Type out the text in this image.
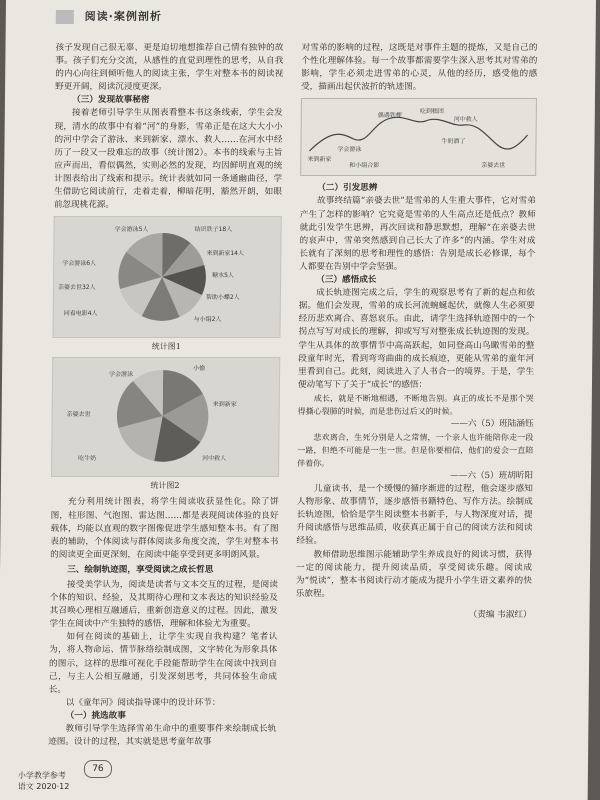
阅读·案例剖析

孩子发现自己很无辜、更是迫切地想推荐自己情有独钟的故事。孩子们充分交流，从感性的直觉到理性的思考，从自我的内心向往到倾听他人的阅读主张，学生对整本书的阅读视野更开阔，阅读沉浸度更深。

（三）发现故事秘密

接着老师引导学生从图表看整本书这条线索，学生会发现，清水的故事中有着“河”的身影，雪弟正是在这大大小小的河中学会了游泳、来到新家、漂水、救人……在河水中经历了一段又一段难忘的故事（统计图2）。本书的线索与主旨应声而出，看似偶然，实则必然的发现，均因鲜明直观的统计图表给出了线索和提示。统计表就如同一条通幽曲径，学生借助它阅读前行，走着走着，柳暗花明，豁然开朗，如眼前忽现桃花源。

学会游泳5人	结识铁子18人
来到新家14人
糖水5人
帮助小蝶2人
与小绢2人
学会游泳6人
同看电影4人
亲婆去世32人
统计图1
学会游泳
小偷
来到新家
河中救人
亲婆去世
吃牛奶
统计图2

充分利用统计图表，将学生阅读收获显性化。除了饼图，柱形图、气泡图、雷达图……都是表现阅读体验的良好载体，均能以直观的数字图像促进学生感知整本书。有了图表的辅助，个体阅读与群体阅读多角度交流，学生对整本书的阅读更全面更深刻，在阅读中能享受到更多明朗风景。

三、绘制轨迹图，享受阅读之成长哲思

接受美学认为，阅读是读者与文本交互的过程，是阅读个体的知识、经验，及其期待心理和文本表达的知识经验及其召唤心理相互融通后，重新创造意义的过程。因此，激发学生在阅读中产生独特的感悟，理解和体验尤为重要。

如何在阅读的基础上，让学生实现自我构建？笔者认为，将人物命运、情节脉络绘制成图，文字转化为形象具体的图示，这样的思维可视化手段能帮助学生在阅读中找到自己，与主人公相互融通，引发深刻思考，共同体验生命成长。

以《童年河》阅读指导课中的设计环节：

（一）挑选故事

教师引导学生选择雪弟生命中的重要事件来绘制成长轨迹图。设计的过程，其实就是思考童年故事

对雪弟的影响的过程，这既是对事件主题的提炼，又是自己的个性化理解体验。每一个故事都需要学生深入思考其对雪弟的影响，学生必须走进雪弟的心灵，从他的经历，感受他的感受，描画出起伏波折的轨迹图。

来到新家
学会游泳
偶遇铁梗
吃到糕团
河中救人
亲婆去世
和小绢合影
牛奶洒了

（二）引发思辨

故事终结篇“亲婆去世”是雪弟的人生重大事件，它对雪弟产生了怎样的影响？它究竟是雪弟的人生高点还是低点？教师就此引发学生思辨，再次回读和静思默想，理解“在亲婆去世的哀声中，雪弟突然感到自己长大了许多”的内涵。学生对成长就有了深刻的思考和理性的感悟：告别是成长必修课，每个人都要在告别中学会坚强。

（三）感悟成长

成长轨迹图完成之后，学生的观察思考有了新的起点和依据。他们会发现，雪弟的成长河流蜿蜒起伏，就像人生必须要经历悲欢离合、喜怒哀乐。由此，请学生选择轨迹图中的一个拐点写写对成长的理解，抑或写写对整张成长轨迹图的发现。学生从具体的故事情节中高高跃起，如同登高山鸟瞰雪弟的整段童年时光，看到弯弯曲曲的成长痕迹，更能从雪弟的童年河里看到自己。此刻，阅读进入了人书合一的境界。于是，学生便动笔写下了关于“成长”的感悟：

成长，就是不断地相遇，不断地告别。真正的成长不是那个哭得撕心裂肺的时候，而是悲伤过后又的时候。

——六（5）班陆涵钰

悲欢离合，生死分别是人之常情，一个亲人也许能陪你走一段一路，但绝不可能是一生一世。但是你要相信，他们的爱会一直陪伴着你。

——六（5）班胡昕阳

儿童读书，是一个缓慢的循序渐进的过程，他会逐步感知人物形象、故事情节，逐步感悟书籍特色、写作方法。绘制成长轨迹图，恰恰是学生阅读整本书新手，与人物深度对话，提升阅读感悟与思维品质，收获真正属于自己的阅读方法和阅读经验。

教师借助思维图示能辅助学生养成良好的阅读习惯，获得一定的阅读能力，提升阅读品质，享受阅读乐趣。阅读成为“悦读”，整本书阅读行动才能成为提升小学生语文素养的快乐旅程。

（责编 韦淑红）

76
小学教学参考
语文 2020·12
